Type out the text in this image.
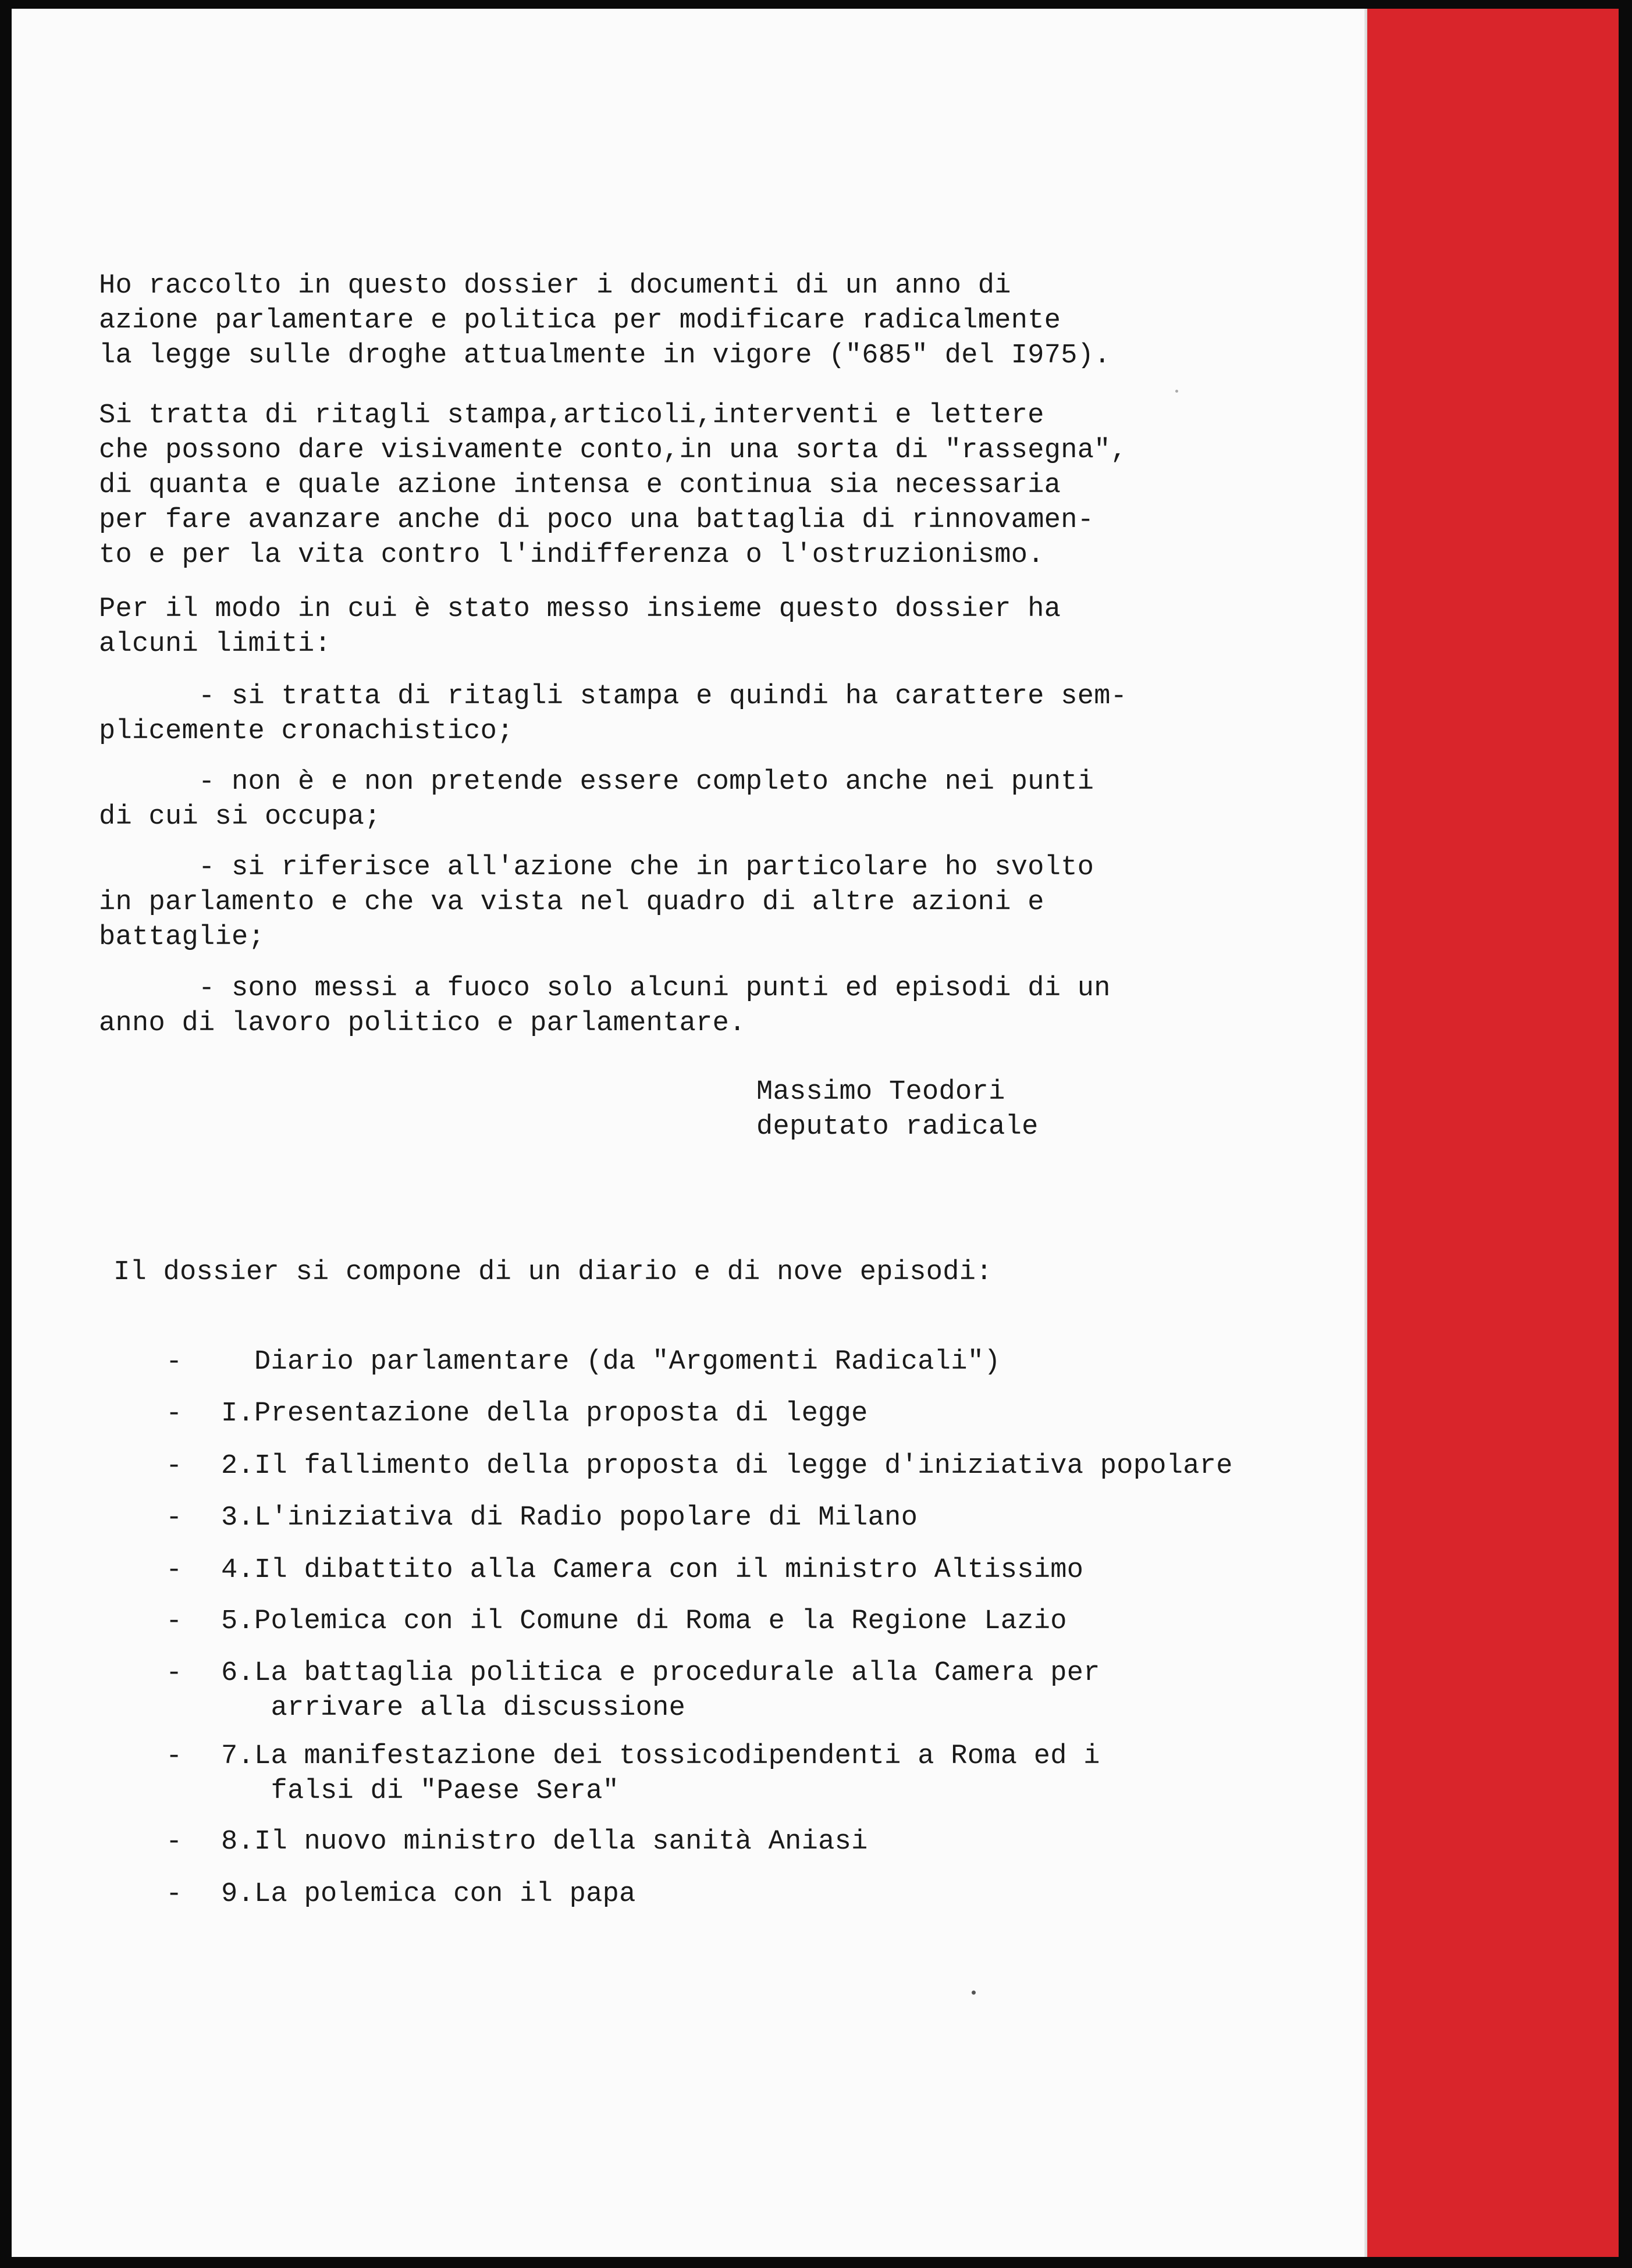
Ho raccolto in questo dossier i documenti di un anno di
azione parlamentare e politica per modificare radicalmente
la legge sulle droghe attualmente in vigore ("685" del I975).
Si tratta di ritagli stampa,articoli,interventi e lettere
che possono dare visivamente conto,in una sorta di "rassegna",
di quanta e quale azione intensa e continua sia necessaria
per fare avanzare anche di poco una battaglia di rinnovamen-
to e per la vita contro l'indifferenza o l'ostruzionismo.
Per il modo in cui è stato messo insieme questo dossier ha
alcuni limiti:
- si tratta di ritagli stampa e quindi ha carattere sem-
plicemente cronachistico;
- non è e non pretende essere completo anche nei punti
di cui si occupa;
- si riferisce all'azione che in particolare ho svolto
in parlamento e che va vista nel quadro di altre azioni e
battaglie;
- sono messi a fuoco solo alcuni punti ed episodi di un
anno di lavoro politico e parlamentare.
Massimo Teodori
deputato radicale
Il dossier si compone di un diario e di nove episodi:

-

Diario parlamentare (da "Argomenti Radicali")

-

I.Presentazione della proposta di legge

-

2.Il fallimento della proposta di legge d'iniziativa popolare

-

3.L'iniziativa di Radio popolare di Milano

-

4.Il dibattito alla Camera con il ministro Altissimo

-

5.Polemica con il Comune di Roma e la Regione Lazio

-

6.La battaglia politica e procedurale alla Camera per
arrivare alla discussione

-

7.La manifestazione dei tossicodipendenti a Roma ed i
falsi di "Paese Sera"

-

8.Il nuovo ministro della sanità Aniasi

-

9.La polemica con il papa
